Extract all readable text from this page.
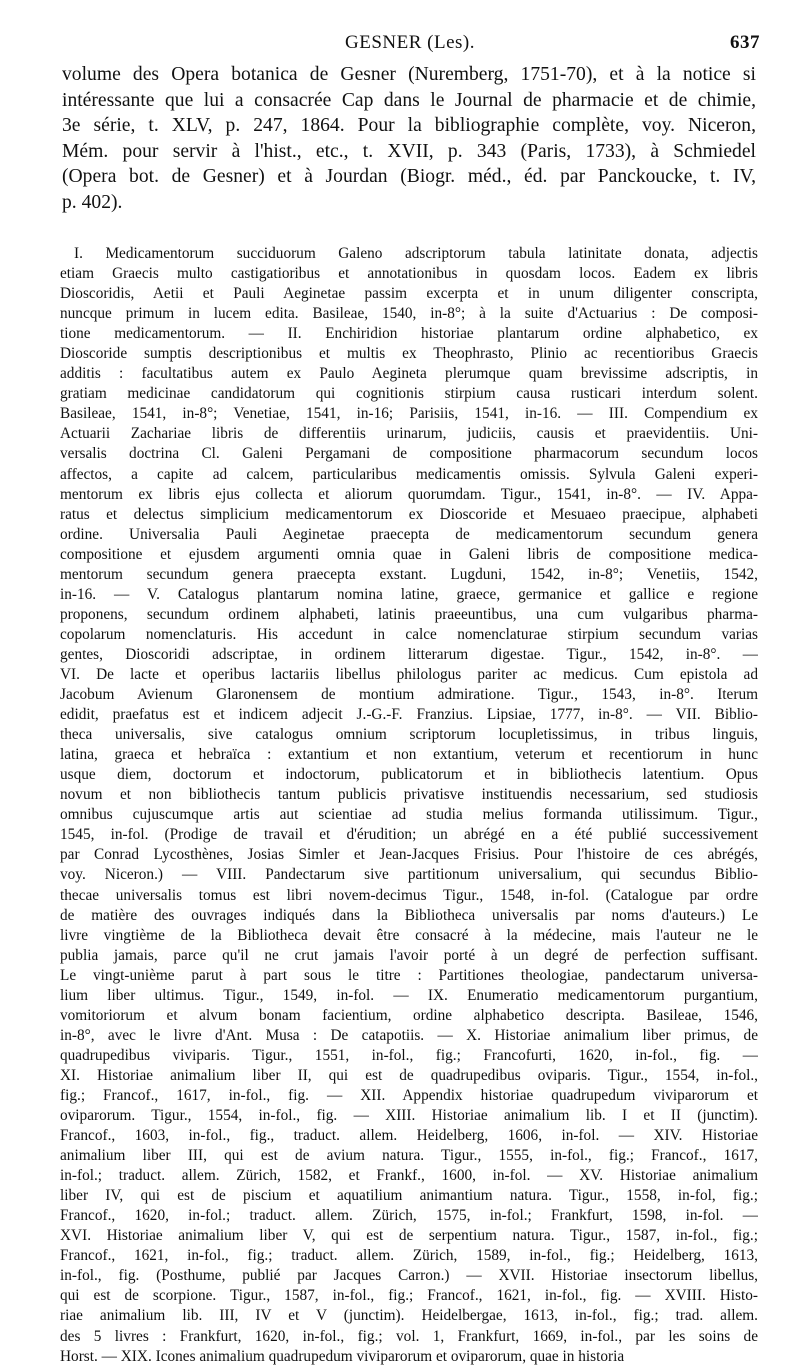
GESNER (Les).	637
volume des Opera botanica de Gesner (Nuremberg, 1751-70), et à la notice si
intéressante que lui a consacrée Cap dans le Journal de pharmacie et de chimie,
3e série, t. XLV, p. 247, 1864. Pour la bibliographie complète, voy. Niceron,
Mém. pour servir à l'hist., etc., t. XVII, p. 343 (Paris, 1733), à Schmiedel
(Opera bot. de Gesner) et à Jourdan (Biogr. méd., éd. par Panckoucke, t. IV,
p. 402).
I. Medicamentorum succiduorum Galeno adscriptorum tabula latinitate donata, adjectis
etiam Graecis multo castigatioribus et annotationibus in quosdam locos. Eadem ex libris
Dioscoridis, Aetii et Pauli Aeginetae passim excerpta et in unum diligenter conscripta,
nuncque primum in lucem edita. Basileae, 1540, in-8°; à la suite d'Actuarius : De composi-
tione medicamentorum. — II. Enchiridion historiae plantarum ordine alphabetico, ex
Dioscoride sumptis descriptionibus et multis ex Theophrasto, Plinio ac recentioribus Graecis
additis : facultatibus autem ex Paulo Aegineta plerumque quam brevissime adscriptis, in
gratiam medicinae candidatorum qui cognitionis stirpium causa rusticari interdum solent.
Basileae, 1541, in-8°; Venetiae, 1541, in-16; Parisiis, 1541, in-16. — III. Compendium ex
Actuarii Zachariae libris de differentiis urinarum, judiciis, causis et praevidentiis. Uni-
versalis doctrina Cl. Galeni Pergamani de compositione pharmacorum secundum locos
affectos, a capite ad calcem, particularibus medicamentis omissis. Sylvula Galeni experi-
mentorum ex libris ejus collecta et aliorum quorumdam. Tigur., 1541, in-8°. — IV. Appa-
ratus et delectus simplicium medicamentorum ex Dioscoride et Mesuaeo praecipue, alphabeti
ordine. Universalia Pauli Aeginetae praecepta de medicamentorum secundum genera
compositione et ejusdem argumenti omnia quae in Galeni libris de compositione medica-
mentorum secundum genera praecepta exstant. Lugduni, 1542, in-8°; Venetiis, 1542,
in-16. — V. Catalogus plantarum nomina latine, graece, germanice et gallice e regione
proponens, secundum ordinem alphabeti, latinis praeeuntibus, una cum vulgaribus pharma-
copolarum nomenclaturis. His accedunt in calce nomenclaturae stirpium secundum varias
gentes, Dioscoridi adscriptae, in ordinem litterarum digestae. Tigur., 1542, in-8°. —
VI. De lacte et operibus lactariis libellus philologus pariter ac medicus. Cum epistola ad
Jacobum Avienum Glaronensem de montium admiratione. Tigur., 1543, in-8°. Iterum
edidit, praefatus est et indicem adjecit J.-G.-F. Franzius. Lipsiae, 1777, in-8°. — VII. Biblio-
theca universalis, sive catalogus omnium scriptorum locupletissimus, in tribus linguis,
latina, graeca et hebraïca : extantium et non extantium, veterum et recentiorum in hunc
usque diem, doctorum et indoctorum, publicatorum et in bibliothecis latentium. Opus
novum et non bibliothecis tantum publicis privatisve instituendis necessarium, sed studiosis
omnibus cujuscumque artis aut scientiae ad studia melius formanda utilissimum. Tigur.,
1545, in-fol. (Prodige de travail et d'érudition; un abrégé en a été publié successivement
par Conrad Lycosthènes, Josias Simler et Jean-Jacques Frisius. Pour l'histoire de ces abrégés,
voy. Niceron.) — VIII. Pandectarum sive partitionum universalium, qui secundus Biblio-
thecae universalis tomus est libri novem-decimus Tigur., 1548, in-fol. (Catalogue par ordre
de matière des ouvrages indiqués dans la Bibliotheca universalis par noms d'auteurs.) Le
livre vingtième de la Bibliotheca devait être consacré à la médecine, mais l'auteur ne le
publia jamais, parce qu'il ne crut jamais l'avoir porté à un degré de perfection suffisant.
Le vingt-unième parut à part sous le titre : Partitiones theologiae, pandectarum universa-
lium liber ultimus. Tigur., 1549, in-fol. — IX. Enumeratio medicamentorum purgantium,
vomitoriorum et alvum bonam facientium, ordine alphabetico descripta. Basileae, 1546,
in-8°, avec le livre d'Ant. Musa : De catapotiis. — X. Historiae animalium liber primus, de
quadrupedibus viviparis. Tigur., 1551, in-fol., fig.; Francofurti, 1620, in-fol., fig. —
XI. Historiae animalium liber II, qui est de quadrupedibus oviparis. Tigur., 1554, in-fol.,
fig.; Francof., 1617, in-fol., fig. — XII. Appendix historiae quadrupedum viviparorum et
oviparorum. Tigur., 1554, in-fol., fig. — XIII. Historiae animalium lib. I et II (junctim).
Francof., 1603, in-fol., fig., traduct. allem. Heidelberg, 1606, in-fol. — XIV. Historiae
animalium liber III, qui est de avium natura. Tigur., 1555, in-fol., fig.; Francof., 1617,
in-fol.; traduct. allem. Zürich, 1582, et Frankf., 1600, in-fol. — XV. Historiae animalium
liber IV, qui est de piscium et aquatilium animantium natura. Tigur., 1558, in-fol, fig.;
Francof., 1620, in-fol.; traduct. allem. Zürich, 1575, in-fol.; Frankfurt, 1598, in-fol. —
XVI. Historiae animalium liber V, qui est de serpentium natura. Tigur., 1587, in-fol., fig.;
Francof., 1621, in-fol., fig.; traduct. allem. Zürich, 1589, in-fol., fig.; Heidelberg, 1613,
in-fol., fig. (Posthume, publié par Jacques Carron.) — XVII. Historiae insectorum libellus,
qui est de scorpione. Tigur., 1587, in-fol., fig.; Francof., 1621, in-fol., fig. — XVIII. Histo-
riae animalium lib. III, IV et V (junctim). Heidelbergae, 1613, in-fol., fig.; trad. allem.
des 5 livres : Frankfurt, 1620, in-fol., fig.; vol. 1, Frankfurt, 1669, in-fol., par les soins de
Horst. — XIX. Icones animalium quadrupedum viviparorum et oviparorum, quae in historia
